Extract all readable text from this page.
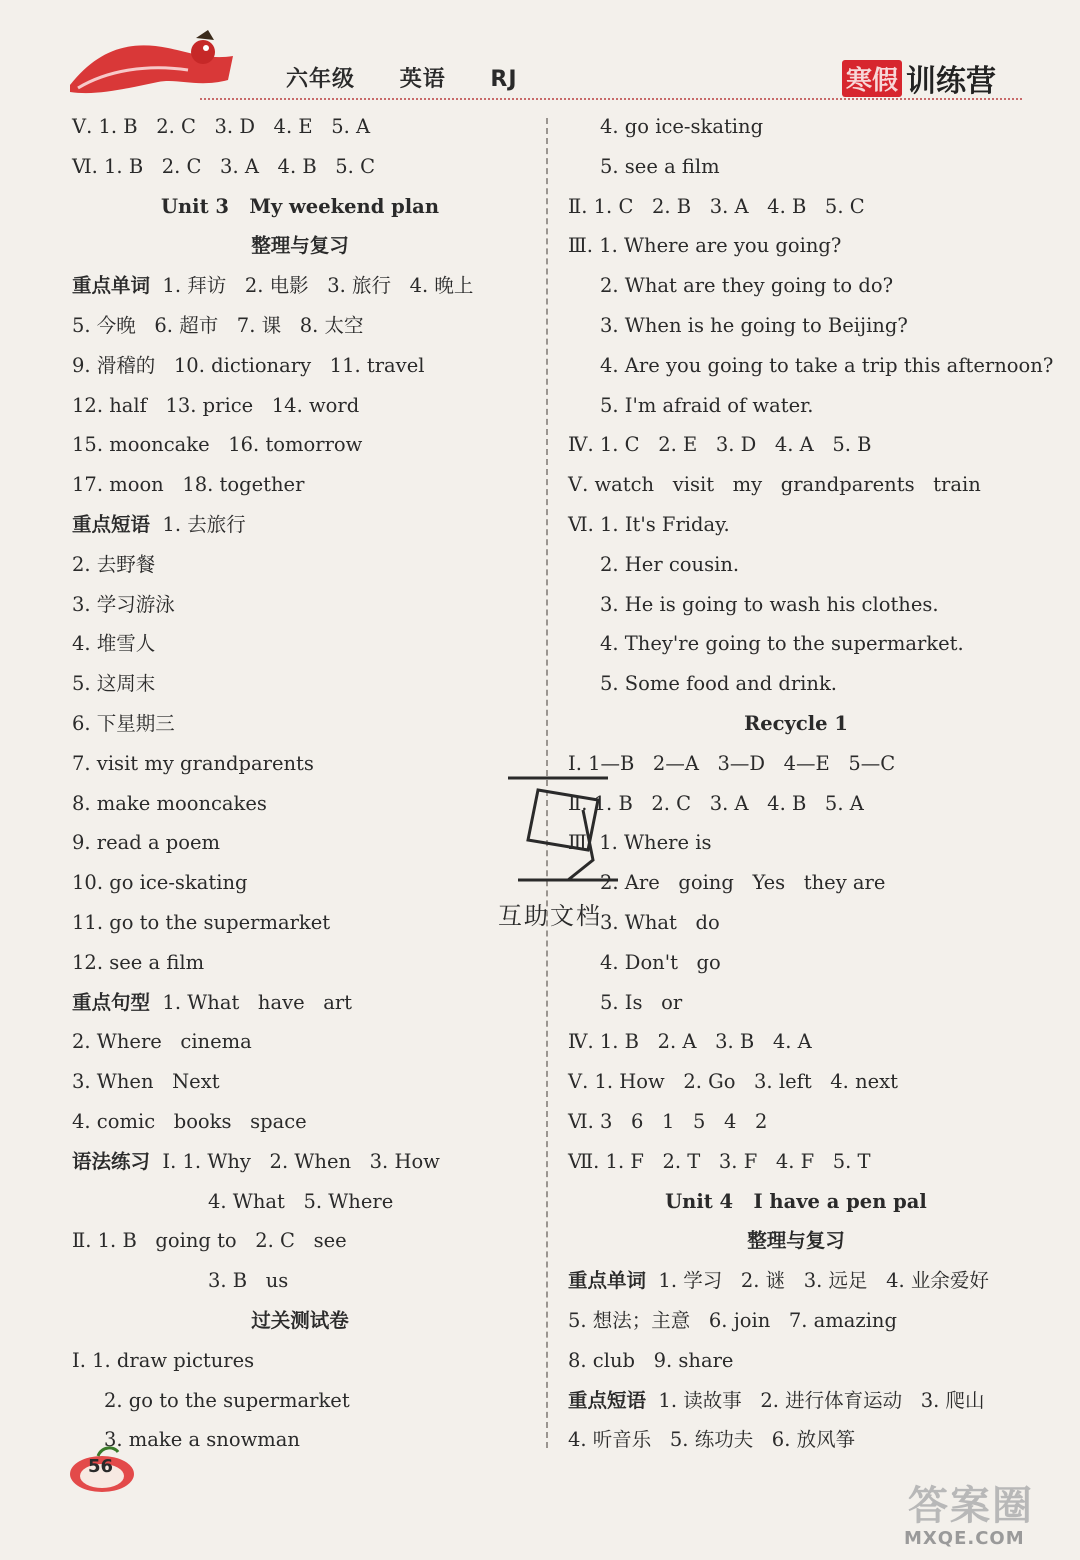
六年级 英语 RJ	寒假 训练营
Ⅴ. 1. B   2. C   3. D   4. E   5. A
Ⅵ. 1. B   2. C   3. A   4. B   5. C
Unit 3   My weekend plan
整理与复习
重点单词 1. 拜访   2. 电影   3. 旅行   4. 晚上
5. 今晚   6. 超市   7. 课   8. 太空
9. 滑稽的   10. dictionary   11. travel
12. half   13. price   14. word
15. mooncake   16. tomorrow
17. moon   18. together
重点短语 1. 去旅行
2. 去野餐
3. 学习游泳
4. 堆雪人
5. 这周末
6. 下星期三
7. visit my grandparents
8. make mooncakes
9. read a poem
10. go ice-skating
11. go to the supermarket
12. see a film
重点句型 1. What   have   art
2. Where   cinema
3. When   Next
4. comic   books   space
语法练习 Ⅰ. 1. Why   2. When   3. How
4. What   5. Where
Ⅱ. 1. B   going to   2. C   see
3. B   us
过关测试卷
Ⅰ. 1. draw pictures
2. go to the supermarket
3. make a snowman
4. go ice-skating
5. see a film
Ⅱ. 1. C   2. B   3. A   4. B   5. C
Ⅲ. 1. Where are you going?
2. What are they going to do?
3. When is he going to Beijing?
4. Are you going to take a trip this afternoon?
5. I'm afraid of water.
Ⅳ. 1. C   2. E   3. D   4. A   5. B
Ⅴ. watch   visit   my   grandparents   train
Ⅵ. 1. It's Friday.
2. Her cousin.
3. He is going to wash his clothes.
4. They're going to the supermarket.
5. Some food and drink.
Recycle 1
Ⅰ. 1—B   2—A   3—D   4—E   5—C
Ⅱ. 1. B   2. C   3. A   4. B   5. A
Ⅲ. 1. Where is
2. Are   going   Yes   they are
3. What   do
4. Don't   go
5. Is   or
Ⅳ. 1. B   2. A   3. B   4. A
Ⅴ. 1. How   2. Go   3. left   4. next
Ⅵ. 3   6   1   5   4   2
Ⅶ. 1. F   2. T   3. F   4. F   5. T
Unit 4   I have a pen pal
整理与复习
重点单词 1. 学习   2. 谜   3. 远足   4. 业余爱好
5. 想法；主意   6. join   7. amazing
8. club   9. share
重点短语 1. 读故事   2. 进行体育运动   3. 爬山
4. 听音乐   5. 练功夫   6. 放风筝
互助文档
56
答案圈
MXQE.COM
